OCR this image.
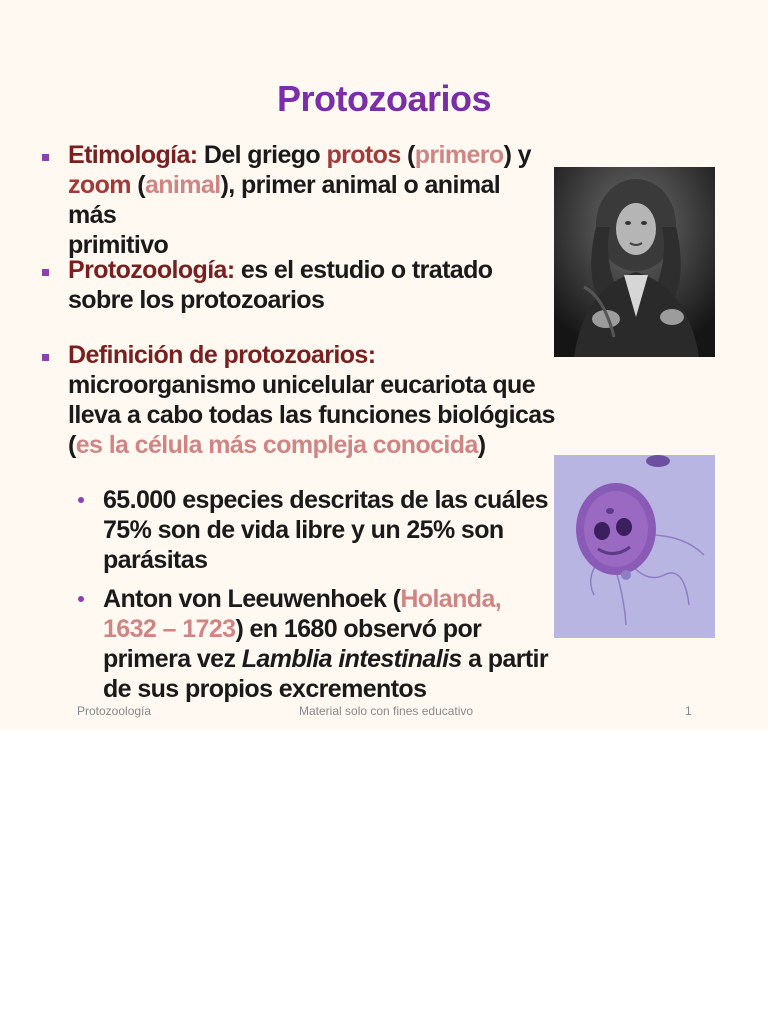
Protozoarios
Etimología: Del griego protos (primero) y
zoom (animal), primer animal o animal más
primitivo
Protozoología: es el estudio o tratado
sobre los protozoarios
Definición de protozoarios:
microorganismo unicelular eucariota que
lleva a cabo todas las funciones biológicas
(es la célula más compleja conocida)
65.000 especies descritas de las cuáles
75% son de vida libre y un 25% son
parásitas
Anton von Leeuwenhoek (Holanda,
1632 – 1723) en 1680 observó por
primera vez Lamblia intestinalis a partir
de sus propios excrementos
Protozoología	Material solo con fines educativo	1
